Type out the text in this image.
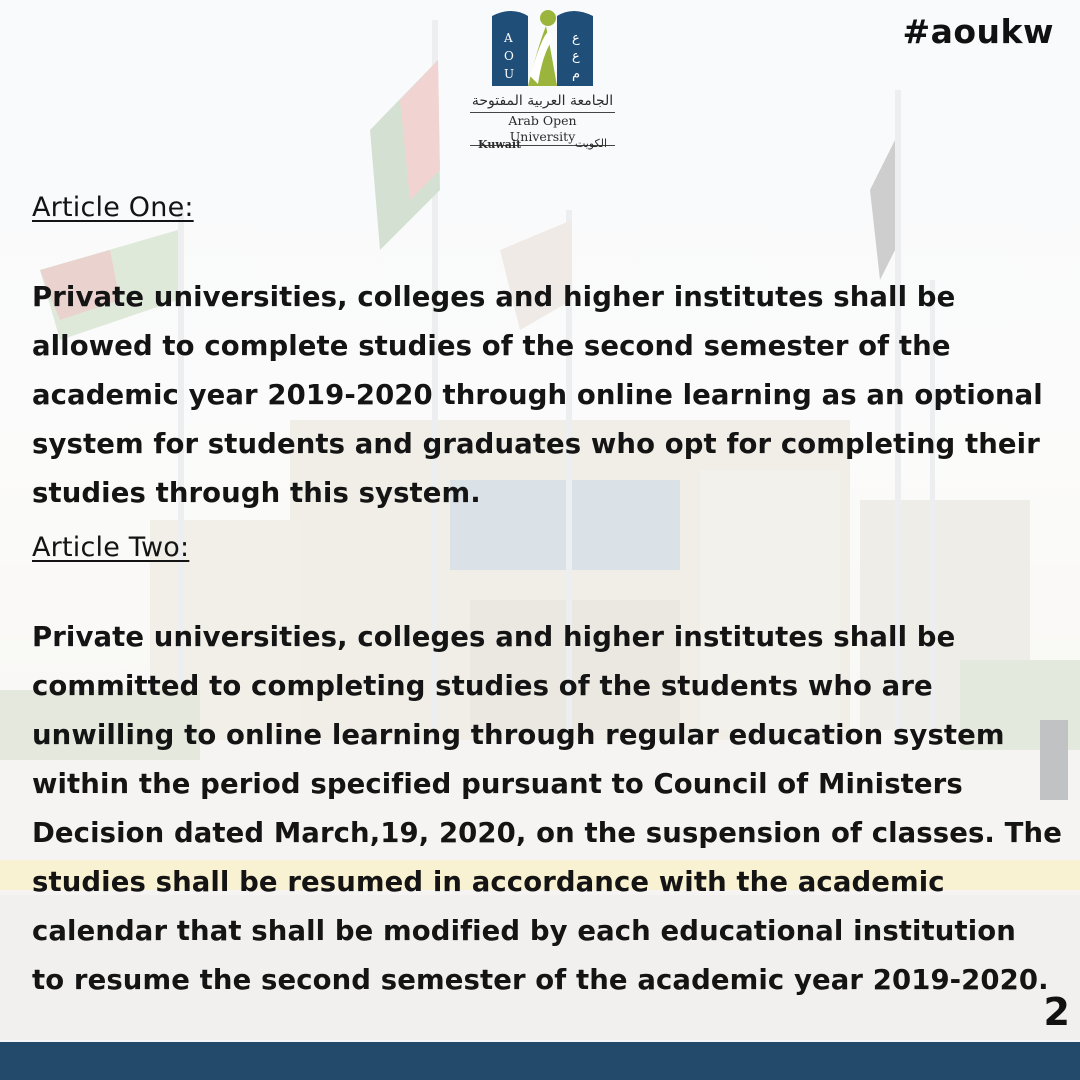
A
O
U
ع
ع
م
الجامعة العربية المفتوحة
Arab Open University
Kuwait	الكويت
#aoukw

Article One:

Private universities, colleges and higher institutes shall be

allowed to complete studies of the second semester of the

academic year 2019-2020 through online learning as an optional

system for students and graduates who opt for completing their

studies through this system.

Article Two:

Private universities, colleges and higher institutes shall be

committed to completing studies of the students who are

unwilling to online learning through regular education system

within the period specified pursuant to Council of Ministers

Decision dated March,19, 2020, on the suspension of classes. The

studies shall be resumed in accordance with the academic

calendar that shall be modified by each educational institution

to resume the second semester of the academic year 2019-2020.

2
